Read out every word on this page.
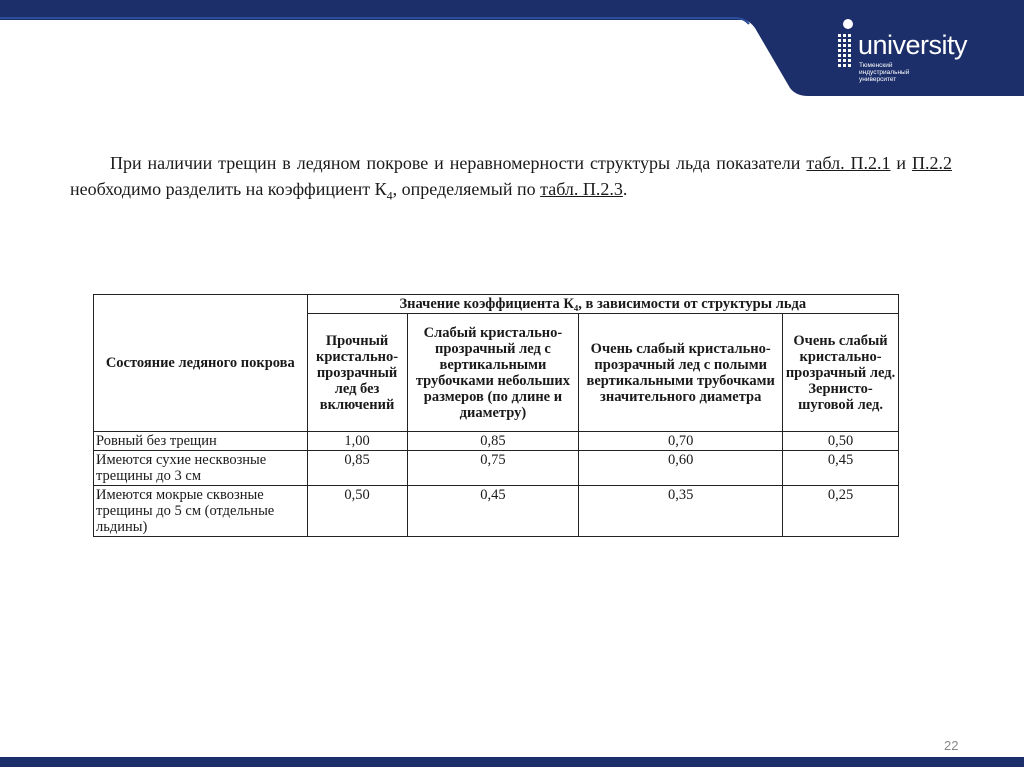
university
Тюменский
индустриальный
университет
При наличии трещин в ледяном покрове и неравномерности структуры льда показатели табл. П.2.1 и П.2.2 необходимо разделить на коэффициент $К_4$, определяемый по табл. П.2.3.
Состояние ледяного покрова	Значение коэффициента К₄, в зависимости от структуры льда			
	Прочный кристально-прозрачный лед без включений	Слабый кристально-прозрачный лед с вертикальными трубочками небольших размеров (по длине и диаметру)	Очень слабый кристально-прозрачный лед с полыми вертикальными трубочками значительного диаметра	Очень слабый кристально-прозрачный лед. Зернисто-шуговой лед.
Ровный без трещин	1,00	0,85	0,70	0,50
Имеются сухие несквозные трещины до 3 см	0,85	0,75	0,60	0,45
Имеются мокрые сквозные трещины до 5 см (отдельные льдины)	0,50	0,45	0,35	0,25
22
